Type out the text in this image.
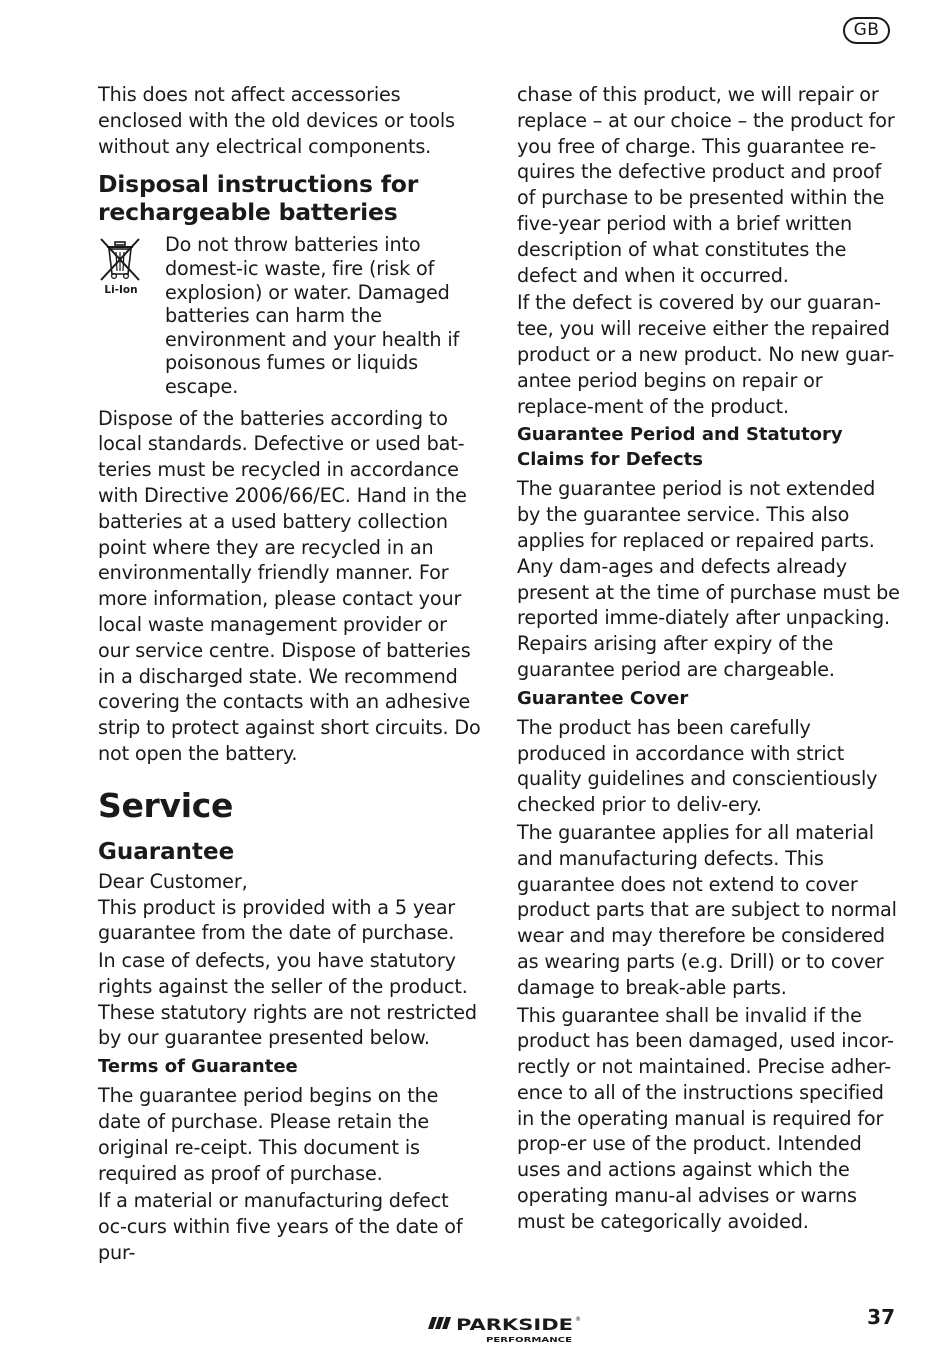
GB

This does not affect accessories enclosed with the old devices or tools without any electrical components.

Disposal instructions for rechargeable batteries
Li-Ion

Do not throw batteries into domest-ic waste, fire (risk of explosion) or water. Damaged batteries can harm the environment and your health if poisonous fumes or liquids escape.

Dispose of the batteries according to local standards. Defective or used bat-teries must be recycled in accordance with Directive 2006/66/EC. Hand in the batteries at a used battery collection point where they are recycled in an environmentally friendly manner. For more information, please contact your local waste management provider or our service centre. Dispose of batteries in a discharged state. We recommend covering the contacts with an adhesive strip to protect against short circuits. Do not open the battery.

Service
Guarantee

Dear Customer,

This product is provided with a 5 year guarantee from the date of purchase.

In case of defects, you have statutory rights against the seller of the product. These statutory rights are not restricted by our guarantee presented below.

Terms of Guarantee

The guarantee period begins on the date of purchase. Please retain the original re-ceipt. This document is required as proof of purchase.

If a material or manufacturing defect oc-curs within five years of the date of pur-

chase of this product, we will repair or replace – at our choice – the product for you free of charge. This guarantee re-quires the defective product and proof of purchase to be presented within the five-year period with a brief written description of what constitutes the defect and when it occurred.

If the defect is covered by our guaran-tee, you will receive either the repaired product or a new product. No new guar-antee period begins on repair or replace-ment of the product.

Guarantee Period and Statutory Claims for Defects

The guarantee period is not extended by the guarantee service. This also applies for replaced or repaired parts. Any dam-ages and defects already present at the time of purchase must be reported imme-diately after unpacking. Repairs arising after expiry of the guarantee period are chargeable.

Guarantee Cover

The product has been carefully produced in accordance with strict quality guidelines and conscientiously checked prior to deliv-ery.

The guarantee applies for all material and manufacturing defects. This guarantee does not extend to cover product parts that are subject to normal wear and may therefore be considered as wearing parts (e.g. Drill) or to cover damage to break-able parts.

This guarantee shall be invalid if the product has been damaged, used incor-rectly or not maintained. Precise adher-ence to all of the instructions specified in the operating manual is required for prop-er use of the product. Intended uses and actions against which the operating manu-al advises or warns must be categorically avoided.

PARKSIDE ®
PERFORMANCE
37
